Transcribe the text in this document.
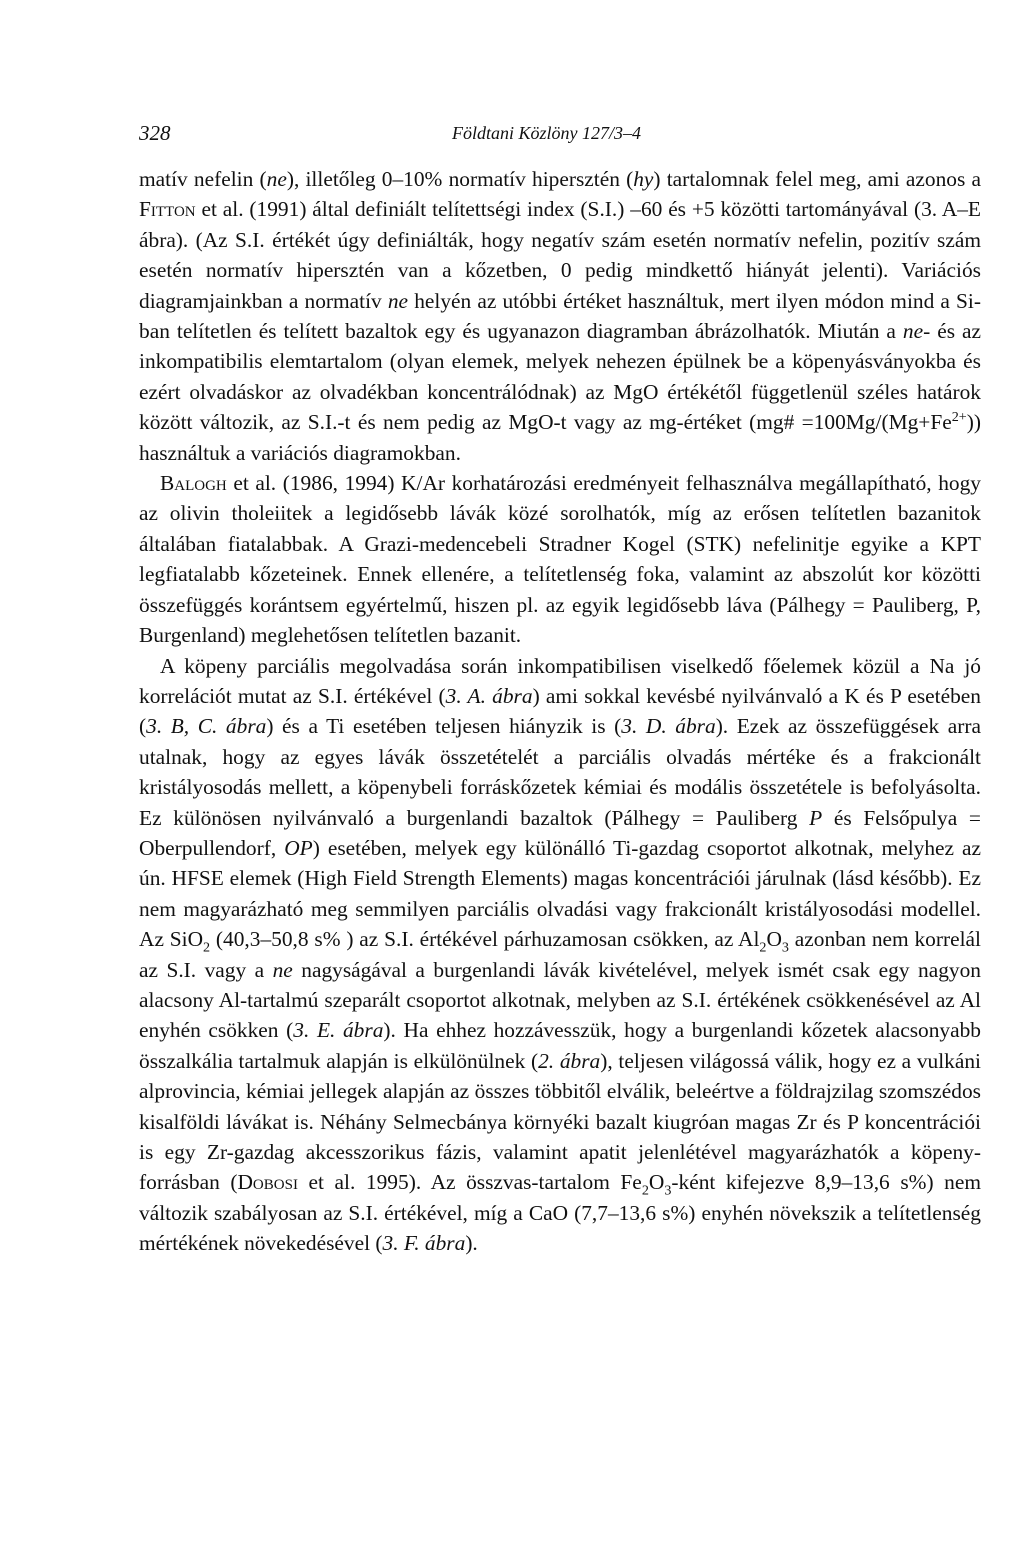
328	Földtani Közlöny 127/3–4

matív nefelin (ne), illetőleg 0–10% normatív hipersztén (hy) tartalomnak felel meg, ami azonos a Fitton et al. (1991) által definiált telítettségi index (S.I.) –60 és +5 közötti tartományával (3. A–E ábra). (Az S.I. értékét úgy definiálták, hogy negatív szám esetén normatív nefelin, pozitív szám esetén normatív hipersztén van a kőzetben, 0 pedig mindkettő hiányát jelenti). Variációs diagramjainkban a normatív ne helyén az utóbbi értéket használtuk, mert ilyen módon mind a Si-ban telítetlen és telített bazaltok egy és ugyanazon diagramban ábrázolhatók. Miután a ne- és az inkompatibilis elemtartalom (olyan elemek, melyek nehezen épülnek be a köpenyásványokba és ezért olvadáskor az olvadékban koncentrálódnak) az MgO értékétől függetlenül széles határok között változik, az S.I.-t és nem pedig az MgO-t vagy az mg-értéket (mg# $=100Mg/(Mg+Fe^{2+})$) használtuk a variációs diagramokban.

Balogh et al. (1986, 1994) K/Ar korhatározási eredményeit felhasználva megállapítható, hogy az olivin tholeiitek a legidősebb lávák közé sorolhatók, míg az erősen telítetlen bazanitok általában fiatalabbak. A Grazi-medencebeli Stradner Kogel (STK) nefelinitje egyike a KPT legfiatalabb kőzeteinek. Ennek ellenére, a telítetlenség foka, valamint az abszolút kor közötti összefüggés korántsem egyértelmű, hiszen pl. az egyik legidősebb láva (Pálhegy = Pauliberg, P, Burgenland) meglehetősen telítetlen bazanit.

A köpeny parciális megolvadása során inkompatibilisen viselkedő főelemek közül a Na jó korrelációt mutat az S.I. értékével (3. A. ábra) ami sokkal kevésbé nyilvánvaló a K és P esetében (3. B, C. ábra) és a Ti esetében teljesen hiányzik is (3. D. ábra). Ezek az összefüggések arra utalnak, hogy az egyes lávák összetételét a parciális olvadás mértéke és a frakcionált kristályosodás mellett, a köpenybeli forráskőzetek kémiai és modális összetétele is befolyásolta. Ez különösen nyilvánvaló a burgenlandi bazaltok (Pálhegy = Pauliberg P és Felsőpulya = Oberpullendorf, OP) esetében, melyek egy különálló Ti-gazdag csoportot alkotnak, melyhez az ún. HFSE elemek (High Field Strength Elements) magas koncentrációi járulnak (lásd később). Ez nem magyarázható meg semmilyen parciális olvadási vagy frakcionált kristályosodási modellel. Az SiO$_2$ (40,3–50,8 s% ) az S.I. értékével párhuzamosan csökken, az $Al_2O_3$ azonban nem korrelál az S.I. vagy a ne nagyságával a burgenlandi lávák kivételével, melyek ismét csak egy nagyon alacsony Al-tartalmú szeparált csoportot alkotnak, melyben az S.I. értékének csökkenésével az Al enyhén csökken (3. E. ábra). Ha ehhez hozzávesszük, hogy a burgenlandi kőzetek alacsonyabb összalkália tartalmuk alapján is elkülönülnek (2. ábra), teljesen világossá válik, hogy ez a vulkáni alprovincia, kémiai jellegek alapján az összes többitől elválik, beleértve a földrajzilag szomszédos kisalföldi lávákat is. Néhány Selmecbánya környéki bazalt kiugróan magas Zr és P koncentrációi is egy Zr-gazdag akcesszorikus fázis, valamint apatit jelenlétével magyarázhatók a köpeny-forrásban (Dobosi et al. 1995). Az összvas-tartalom $Fe_2O_3$-ként kifejezve 8,9–13,6 s%) nem változik szabályosan az S.I. értékével, míg a CaO (7,7–13,6 s%) enyhén növekszik a telítetlenség mértékének növekedésével (3. F. ábra).
